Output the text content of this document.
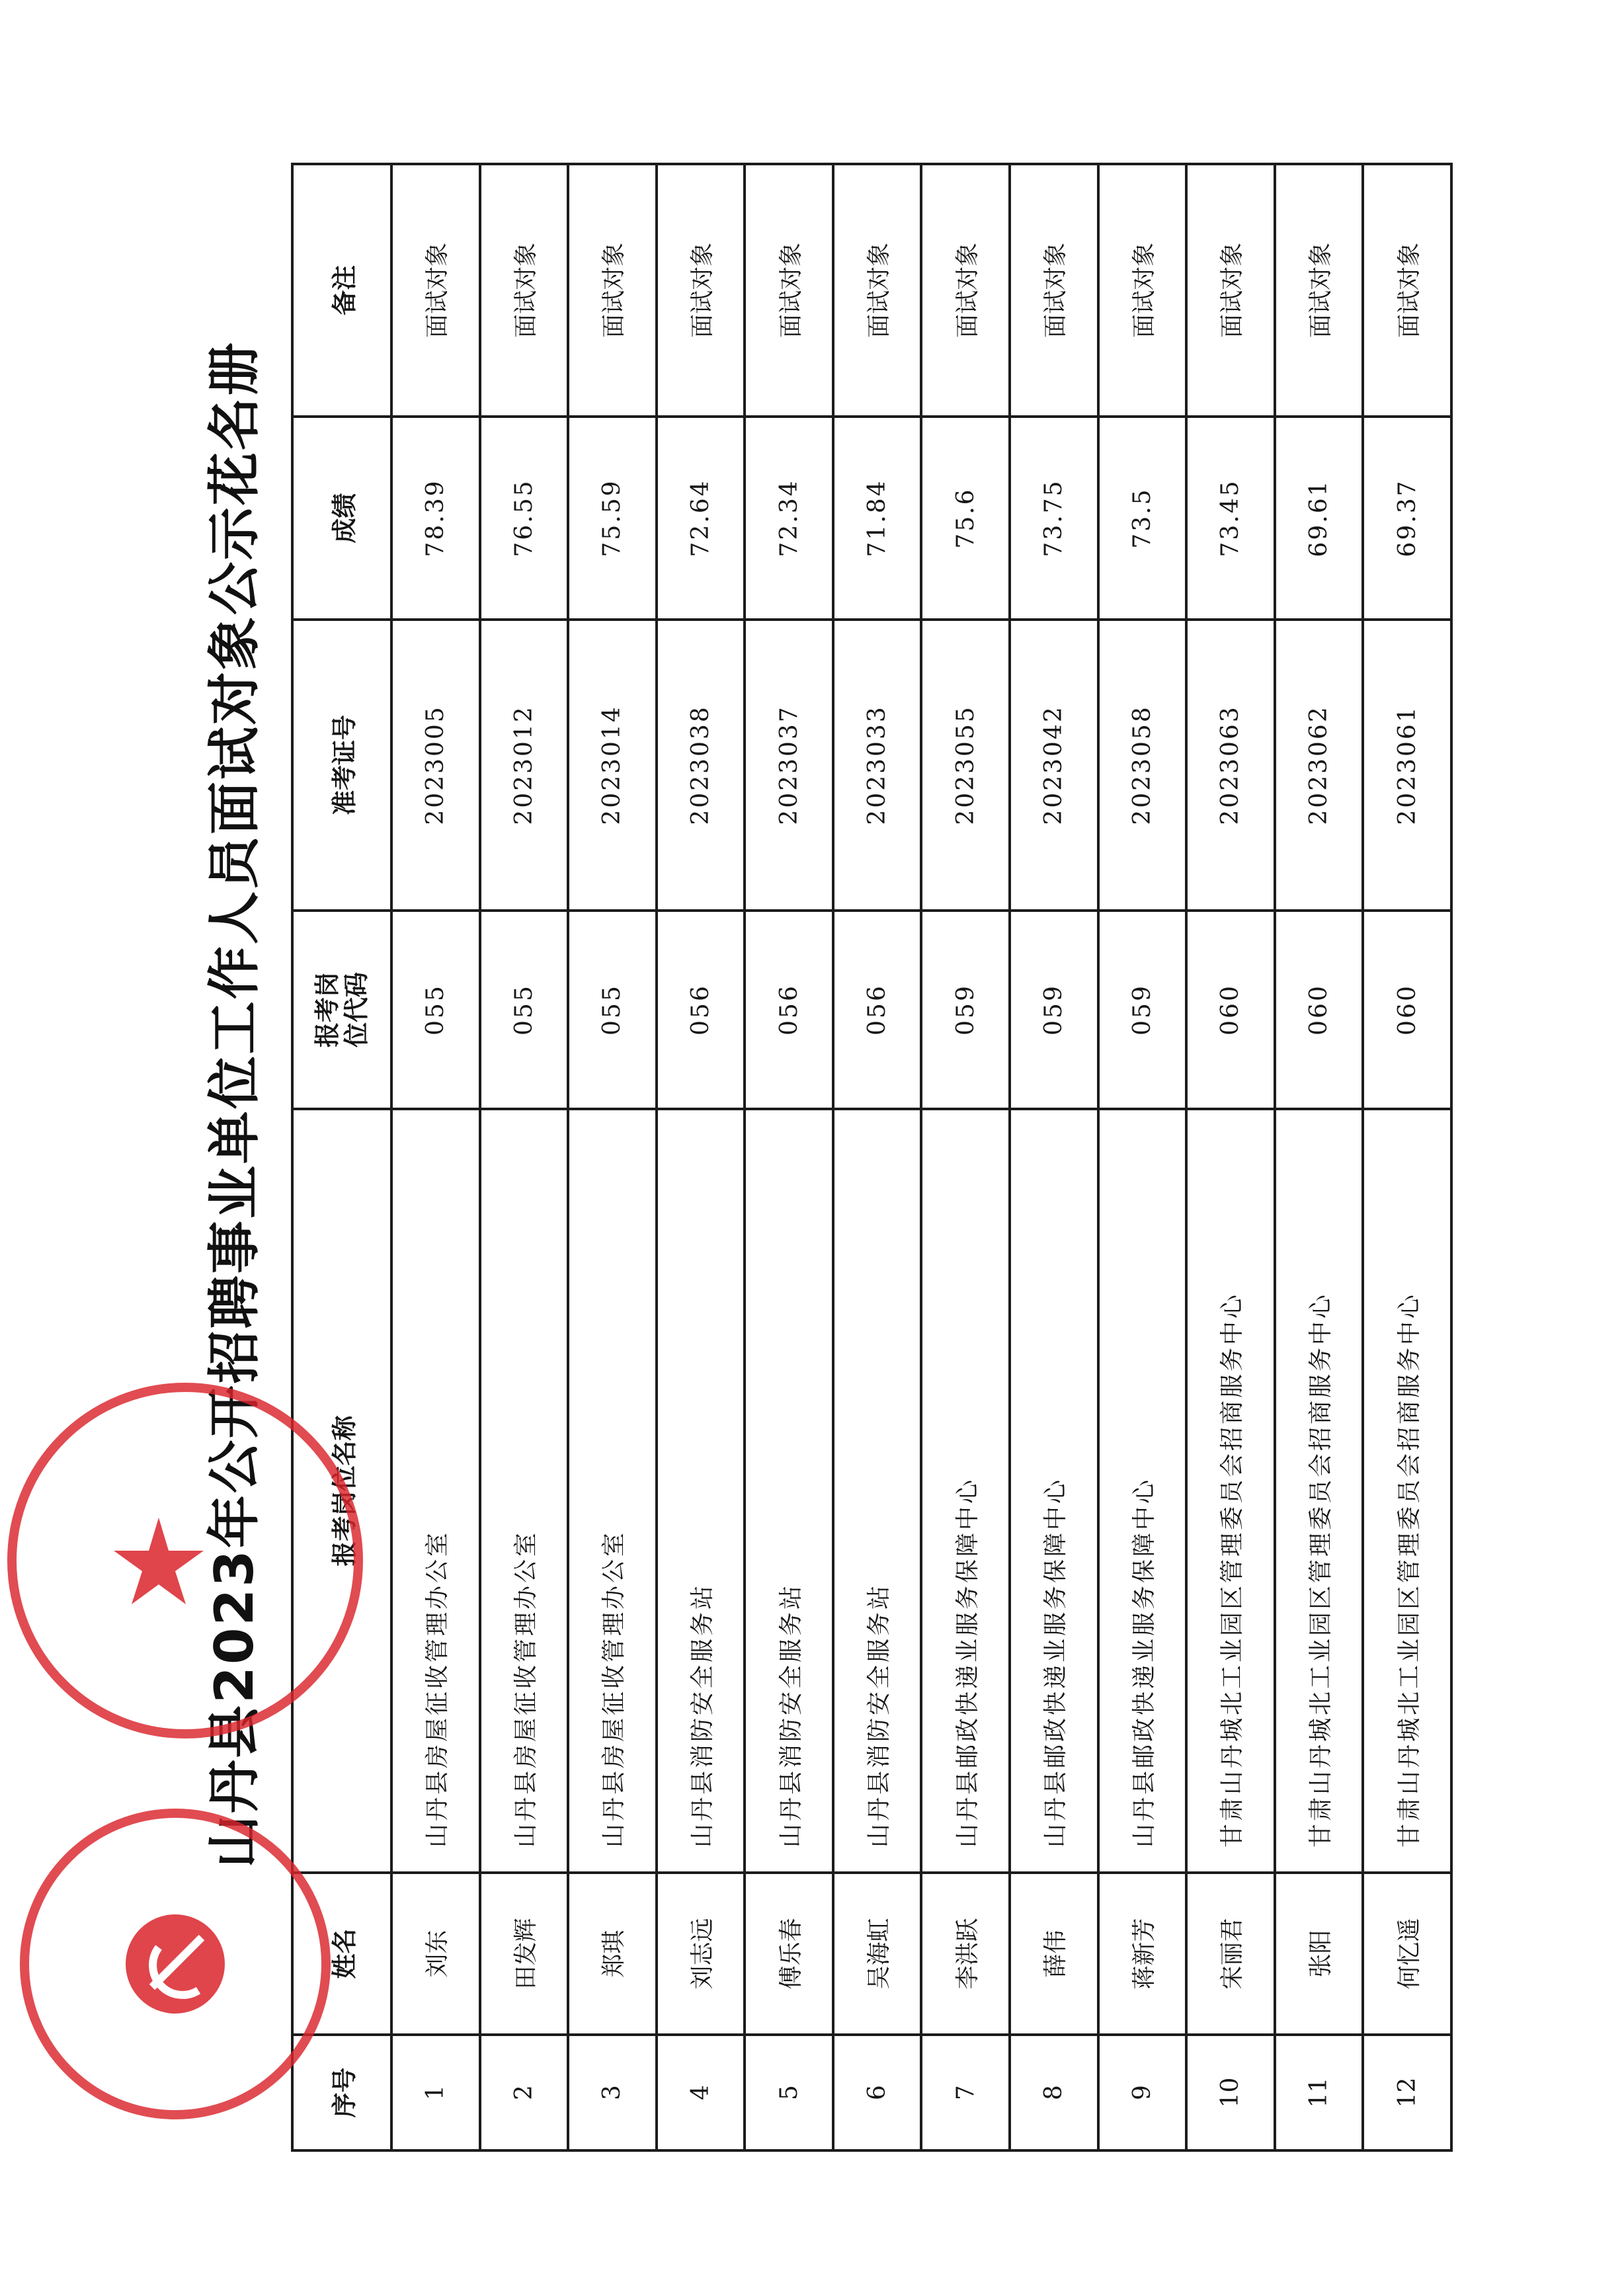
山丹县2023年公开招聘事业单位工作人员面试对象公示花名册
序号	姓名	报考岗位名称	报考岗 位代码	准考证号	成绩	备注
1	刘东	山丹县房屋征收管理办公室	055	2023005	78.39	面试对象
2	田发辉	山丹县房屋征收管理办公室	055	2023012	76.55	面试对象
3	郑琪	山丹县房屋征收管理办公室	055	2023014	75.59	面试对象
4	刘志远	山丹县消防安全服务站	056	2023038	72.64	面试对象
5	傅乐春	山丹县消防安全服务站	056	2023037	72.34	面试对象
6	吴海虹	山丹县消防安全服务站	056	2023033	71.84	面试对象
7	李洪跃	山丹县邮政快递业服务保障中心	059	2023055	75.6	面试对象
8	薛伟	山丹县邮政快递业服务保障中心	059	2023042	73.75	面试对象
9	蒋新芳	山丹县邮政快递业服务保障中心	059	2023058	73.5	面试对象
10	宋丽君	甘肃山丹城北工业园区管理委员会招商服务中心	060	2023063	73.45	面试对象
11	张阳	甘肃山丹城北工业园区管理委员会招商服务中心	060	2023062	69.61	面试对象
12	何忆遥	甘肃山丹城北工业园区管理委员会招商服务中心	060	2023061	69.37	面试对象
